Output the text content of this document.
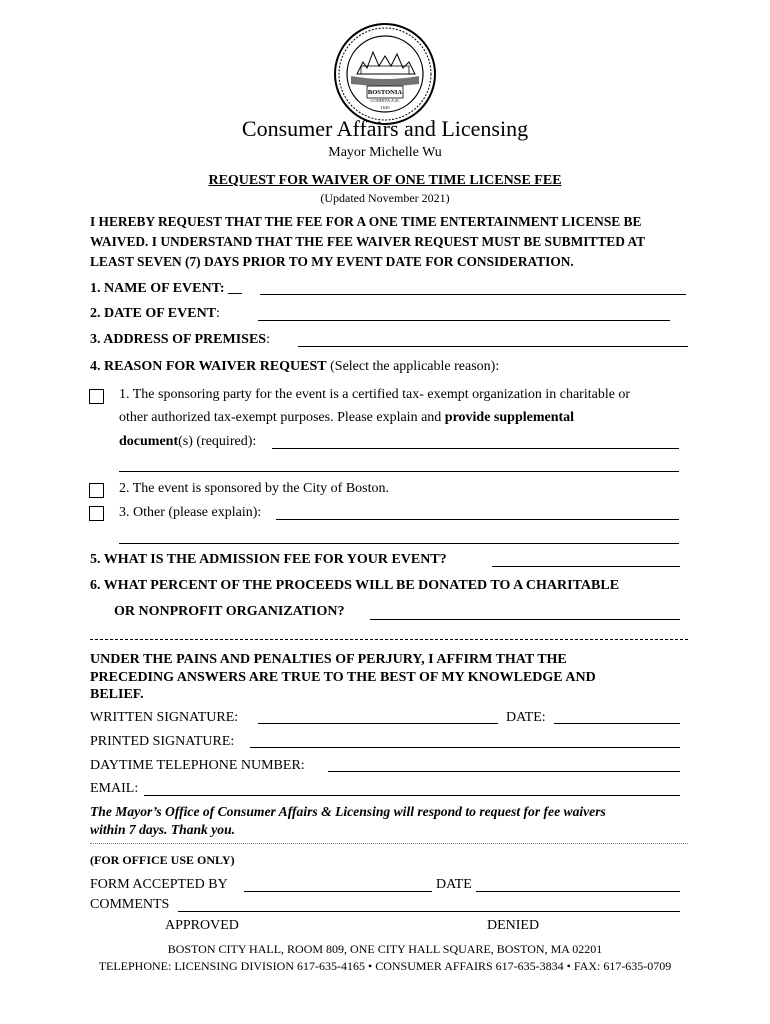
BOSTONIA
CONDITA A.D.
1630
Consumer Affairs and Licensing
Mayor Michelle Wu
REQUEST FOR WAIVER OF ONE TIME LICENSE FEE
(Updated November 2021)
I HEREBY REQUEST THAT THE FEE FOR A ONE TIME ENTERTAINMENT LICENSE BE
WAIVED. I UNDERSTAND THAT THE FEE WAIVER REQUEST MUST BE SUBMITTED AT
LEAST SEVEN (7) DAYS PRIOR TO MY EVENT DATE FOR CONSIDERATION.
1. NAME OF EVENT: __
2. DATE OF EVENT:
3. ADDRESS OF PREMISES:
4. REASON FOR WAIVER REQUEST (Select the applicable reason):
1. The sponsoring party for the event is a certified tax- exempt organization in charitable or
other authorized tax-exempt purposes. Please explain and provide supplemental
document(s) (required):
2. The event is sponsored by the City of Boston.
3. Other (please explain):
5. WHAT IS THE ADMISSION FEE FOR YOUR EVENT?
6. WHAT PERCENT OF THE PROCEEDS WILL BE DONATED TO A CHARITABLE
OR NONPROFIT ORGANIZATION?
UNDER THE PAINS AND PENALTIES OF PERJURY, I AFFIRM THAT THE
PRECEDING ANSWERS ARE TRUE TO THE BEST OF MY KNOWLEDGE AND
BELIEF.
WRITTEN SIGNATURE:	DATE:
PRINTED SIGNATURE:
DAYTIME TELEPHONE NUMBER:
EMAIL:
The Mayor’s Office of Consumer Affairs & Licensing will respond to request for fee waivers
within 7 days. Thank you.
(FOR OFFICE USE ONLY)
FORM ACCEPTED BY	DATE
COMMENTS
APPROVED	DENIED
BOSTON CITY HALL, ROOM 809, ONE CITY HALL SQUARE, BOSTON, MA 02201
TELEPHONE: LICENSING DIVISION 617-635-4165 • CONSUMER AFFAIRS 617-635-3834 • FAX: 617-635-0709
